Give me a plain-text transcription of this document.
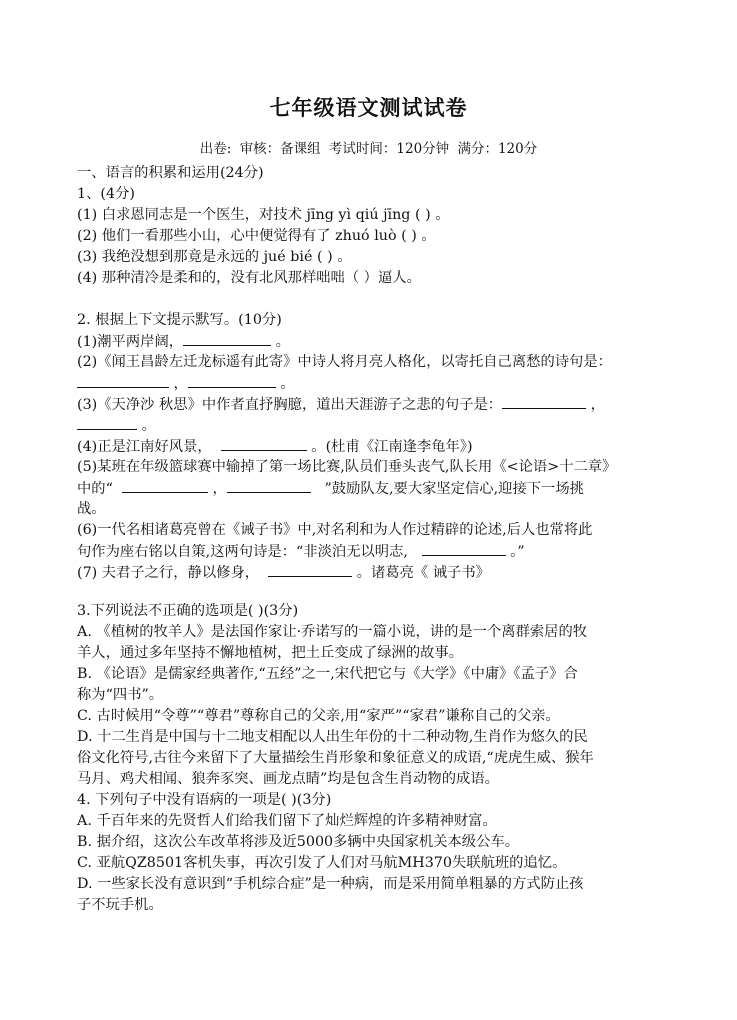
七年级语文测试试卷
出卷: 审核：备课组 考试时间：120分钟 满分：120分
一、语言的积累和运用(24分)
1、(4分)
(1) 白求恩同志是一个医生，对技术 jīng yì qiú jīng ( ) 。
(2) 他们一看那些小山，心中便觉得有了 zhuó luò ( ) 。
(3) 我绝没想到那竟是永远的 jué bié ( ) 。
(4) 那种清冷是柔和的，没有北风那样咄咄（ ）逼人。
2. 根据上下文提示默写。(10分)
(1)潮平两岸阔，	。
(2)《闻王昌龄左迁龙标遥有此寄》中诗人将月亮人格化，以寄托自己离愁的诗句是：
，	。
(3)《天净沙 秋思》中作者直抒胸臆，道出天涯游子之悲的句子是：	，
。
(4)正是江南好风景，	。(杜甫《江南逢李龟年》)
(5)某班在年级篮球赛中输掉了第一场比赛,队员们垂头丧气,队长用《<论语>十二章》
中的“	，	”鼓励队友,要大家坚定信心,迎接下一场挑
战。
(6)一代名相诸葛亮曾在《诫子书》中,对名利和为人作过精辟的论述,后人也常将此
句作为座右铭以自策,这两句诗是：“非淡泊无以明志,	。”
(7) 夫君子之行，静以修身，	。诸葛亮《 诫子书》
3.下列说法不正确的选项是( )(3分)
A. 《植树的牧羊人》是法国作家让·乔诺写的一篇小说，讲的是一个离群索居的牧
羊人，通过多年坚持不懈地植树，把土丘变成了绿洲的故事。
B. 《论语》是儒家经典著作,“五经”之一,宋代把它与《大学》《中庸》《孟子》合
称为“四书”。
C. 古时候用“令尊”“尊君”尊称自己的父亲,用“家严”“家君”谦称自己的父亲。
D. 十二生肖是中国与十二地支相配以人出生年份的十二种动物,生肖作为悠久的民
俗文化符号,古往今来留下了大量描绘生肖形象和象征意义的成语,“虎虎生威、猴年
马月、鸡犬相闻、狼奔豕突、画龙点睛”均是包含生肖动物的成语。
4. 下列句子中没有语病的一项是( )(3分)
A. 千百年来的先贤哲人们给我们留下了灿烂辉煌的许多精神财富。
B. 据介绍，这次公车改革将涉及近5000多辆中央国家机关本级公车。
C. 亚航QZ8501客机失事，再次引发了人们对马航MH370失联航班的追忆。
D. 一些家长没有意识到“手机综合症”是一种病，而是采用简单粗暴的方式防止孩
子不玩手机。
